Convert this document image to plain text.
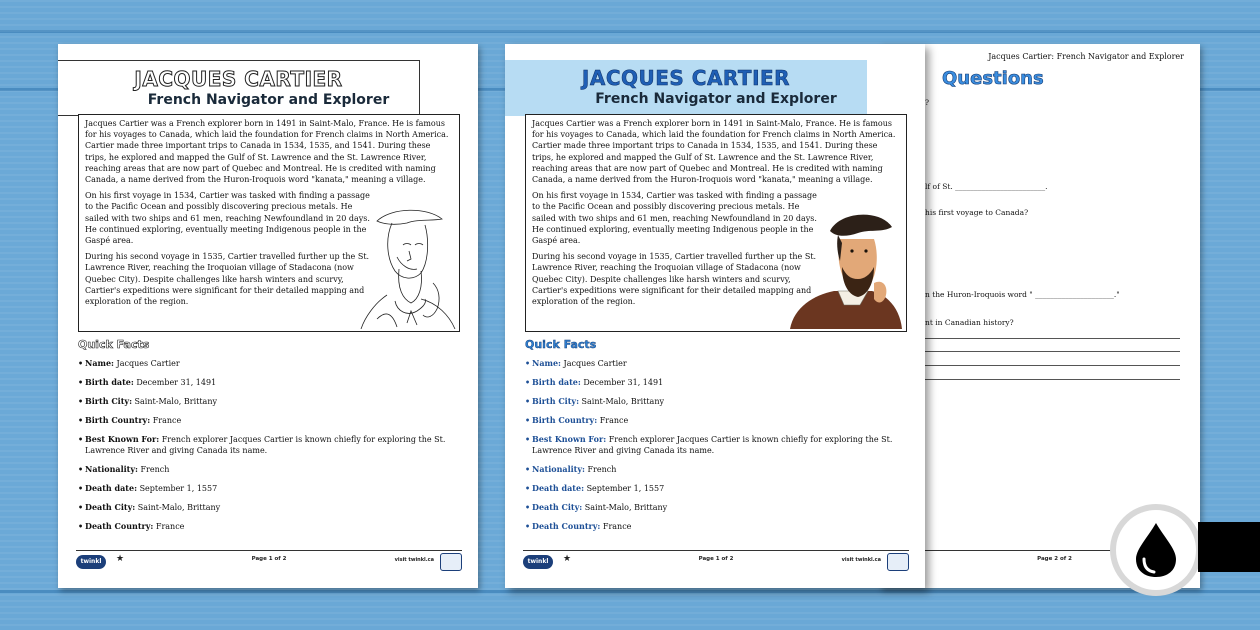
JACQUES CARTIER
French Navigator and Explorer

Jacques Cartier was a French explorer born in 1491 in Saint-Malo, France. He is famous for his voyages to Canada, which laid the foundation for French claims in North America. Cartier made three important trips to Canada in 1534, 1535, and 1541. During these trips, he explored and mapped the Gulf of St. Lawrence and the St. Lawrence River, reaching areas that are now part of Quebec and Montreal. He is credited with naming Canada, a name derived from the Huron-Iroquois word "kanata," meaning a village.

On his first voyage in 1534, Cartier was tasked with finding a passage to the Pacific Ocean and possibly discovering precious metals. He sailed with two ships and 61 men, reaching Newfoundland in 20 days. He continued exploring, eventually meeting Indigenous people in the Gaspé area.

During his second voyage in 1535, Cartier travelled further up the St. Lawrence River, reaching the Iroquoian village of Stadacona (now Quebec City). Despite challenges like harsh winters and scurvy, Cartier's expeditions were significant for their detailed mapping and exploration of the region.

Quick Facts
• Name: Jacques Cartier
• Birth date: December 31, 1491
• Birth City: Saint-Malo, Brittany
• Birth Country: France
• Best Known For: French explorer Jacques Cartier is known chiefly for exploring the St. Lawrence River and giving Canada its name.
• Nationality: French
• Death date: September 1, 1557
• Death City: Saint-Malo, Brittany
• Death Country: France
twinkl	★	Page 1 of 2	visit twinkl.ca
Jacques Cartier: French Navigator and Explorer
Questions
?
lf of St. ________________________.
his first voyage to Canada?
n the Huron-Iroquois word " _____________________."
nt in Canadian history?
Page 2 of 2
JACQUES CARTIER
French Navigator and Explorer

Jacques Cartier was a French explorer born in 1491 in Saint-Malo, France. He is famous for his voyages to Canada, which laid the foundation for French claims in North America. Cartier made three important trips to Canada in 1534, 1535, and 1541. During these trips, he explored and mapped the Gulf of St. Lawrence and the St. Lawrence River, reaching areas that are now part of Quebec and Montreal. He is credited with naming Canada, a name derived from the Huron-Iroquois word "kanata," meaning a village.

On his first voyage in 1534, Cartier was tasked with finding a passage to the Pacific Ocean and possibly discovering precious metals. He sailed with two ships and 61 men, reaching Newfoundland in 20 days. He continued exploring, eventually meeting Indigenous people in the Gaspé area.

During his second voyage in 1535, Cartier travelled further up the St. Lawrence River, reaching the Iroquoian village of Stadacona (now Quebec City). Despite challenges like harsh winters and scurvy, Cartier's expeditions were significant for their detailed mapping and exploration of the region.

Quick Facts
• Name: Jacques Cartier
• Birth date: December 31, 1491
• Birth City: Saint-Malo, Brittany
• Birth Country: France
• Best Known For: French explorer Jacques Cartier is known chiefly for exploring the St. Lawrence River and giving Canada its name.
• Nationality: French
• Death date: September 1, 1557
• Death City: Saint-Malo, Brittany
• Death Country: France
twinkl	★	Page 1 of 2	visit twinkl.ca
